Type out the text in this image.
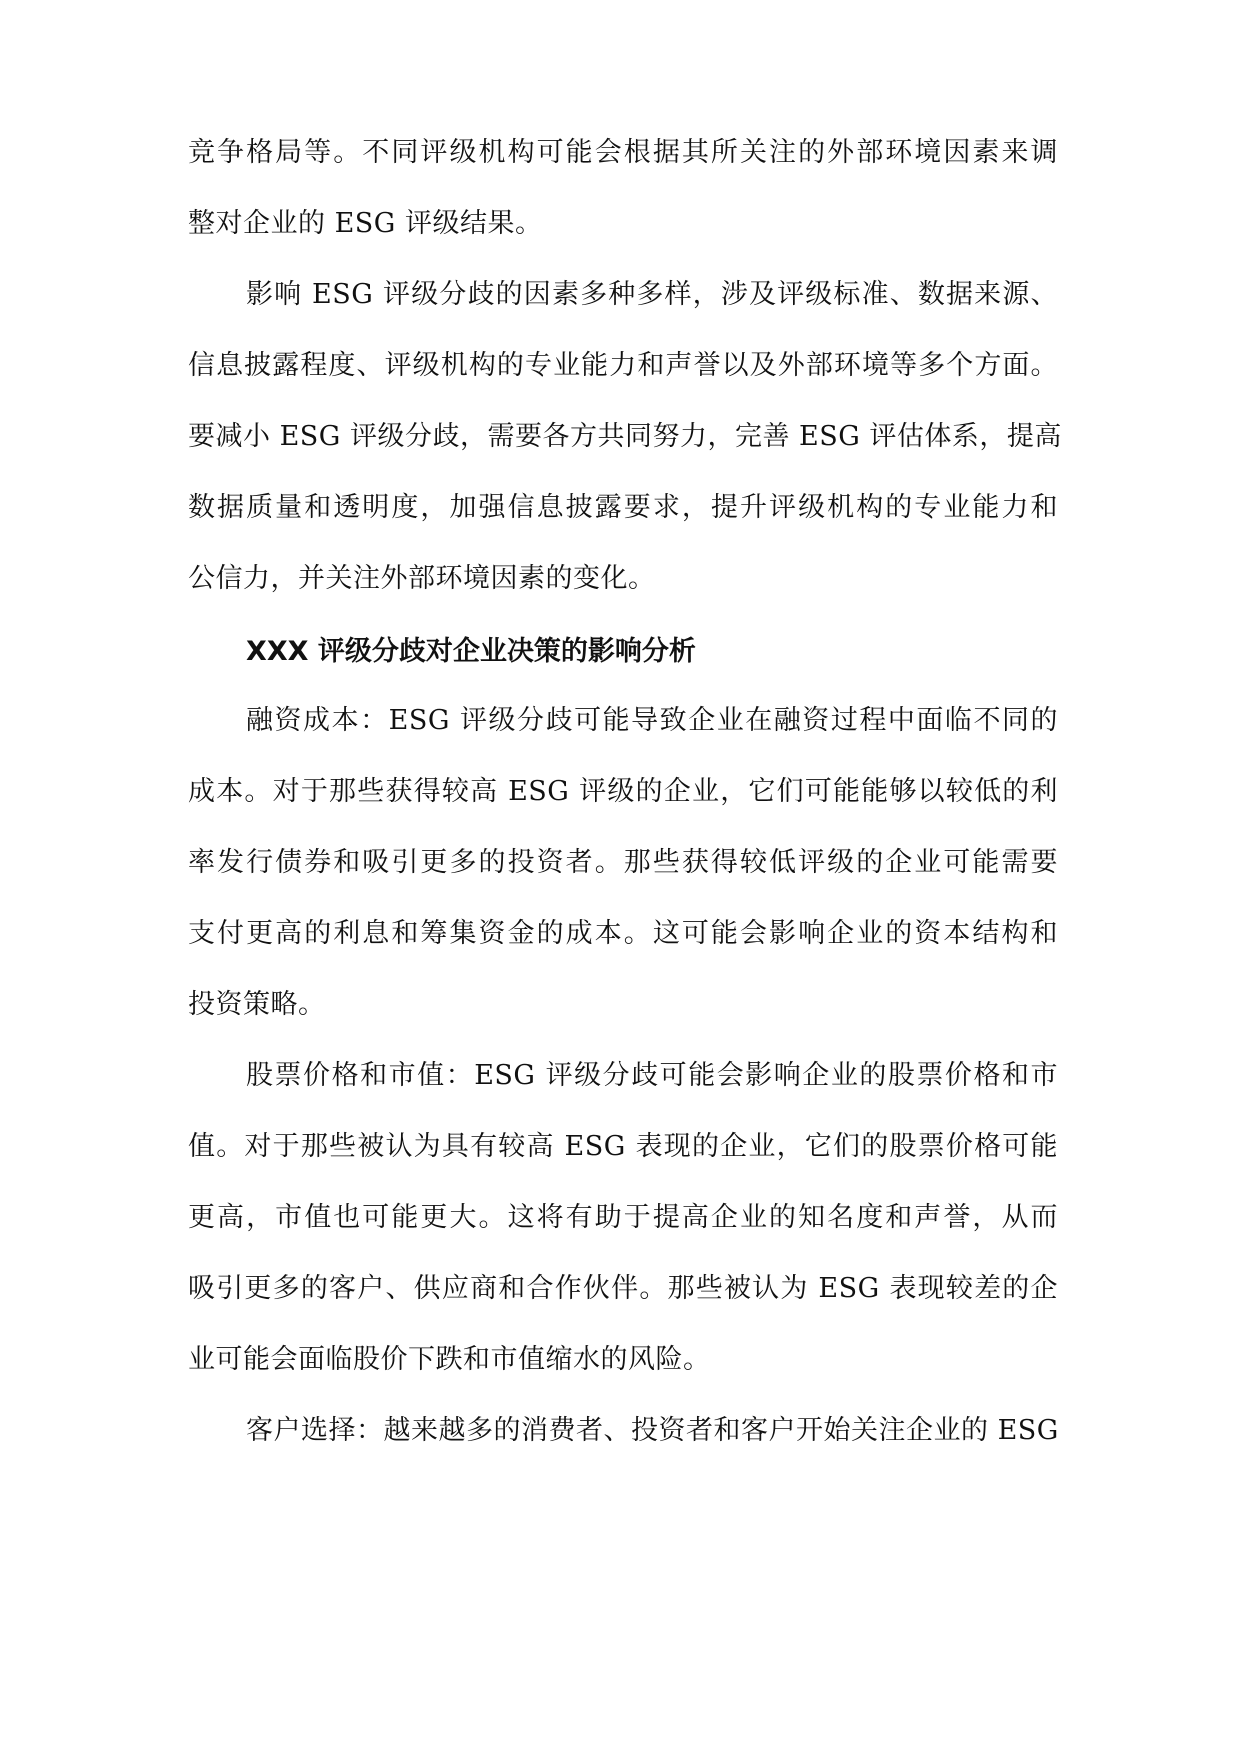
竞争格局等。不同评级机构可能会根据其所关注的外部环境因素来调
整对企业的 ESG 评级结果。
影响 ESG 评级分歧的因素多种多样，涉及评级标准、数据来源、
信息披露程度、评级机构的专业能力和声誉以及外部环境等多个方面。
要减小 ESG 评级分歧，需要各方共同努力，完善 ESG 评估体系，提高
数据质量和透明度，加强信息披露要求，提升评级机构的专业能力和
公信力，并关注外部环境因素的变化。
XXX 评级分歧对企业决策的影响分析
融资成本：ESG 评级分歧可能导致企业在融资过程中面临不同的
成本。对于那些获得较高 ESG 评级的企业，它们可能能够以较低的利
率发行债券和吸引更多的投资者。那些获得较低评级的企业可能需要
支付更高的利息和筹集资金的成本。这可能会影响企业的资本结构和
投资策略。
股票价格和市值：ESG 评级分歧可能会影响企业的股票价格和市
值。对于那些被认为具有较高 ESG 表现的企业，它们的股票价格可能
更高，市值也可能更大。这将有助于提高企业的知名度和声誉，从而
吸引更多的客户、供应商和合作伙伴。那些被认为 ESG 表现较差的企
业可能会面临股价下跌和市值缩水的风险。
客户选择：越来越多的消费者、投资者和客户开始关注企业的 ESG
